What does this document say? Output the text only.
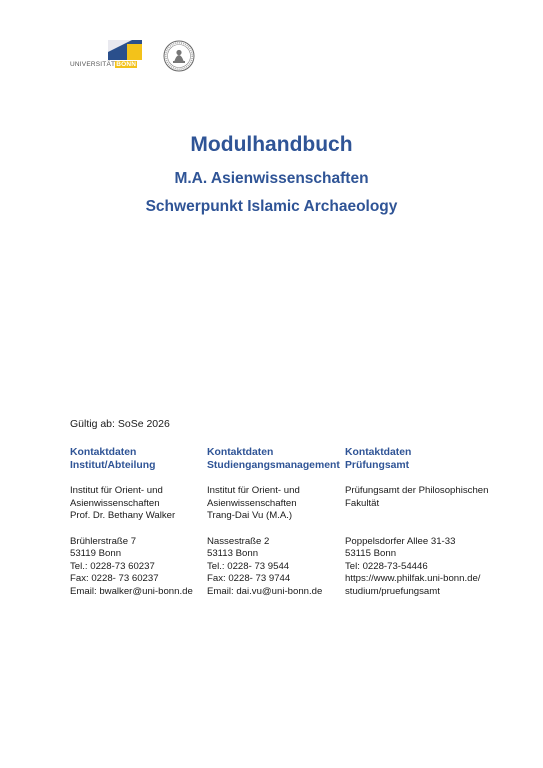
UNIVERSITÄTBONN
Modulhandbuch
M.A. Asienwissenschaften
Schwerpunkt Islamic Archaeology
Gültig ab: SoSe 2026
Kontaktdaten
Institut/Abteilung
Institut für Orient- und
Asienwissenschaften
Prof. Dr. Bethany Walker
Brühlerstraße 7
53119 Bonn
Tel.: 0228-73 60237
Fax: 0228- 73 60237
Email: bwalker@uni-bonn.de
Kontaktdaten
Studiengangsmanagement
Institut für Orient- und
Asienwissenschaften
Trang-Dai Vu (M.A.)
Nassestraße 2
53113 Bonn
Tel.: 0228- 73 9544
Fax: 0228- 73 9744
Email: dai.vu@uni-bonn.de
Kontaktdaten
Prüfungsamt
Prüfungsamt der Philosophischen
Fakultät

Poppelsdorfer Allee 31-33
53115 Bonn
Tel: 0228-73-54446
https://www.philfak.uni-bonn.de/
studium/pruefungsamt
